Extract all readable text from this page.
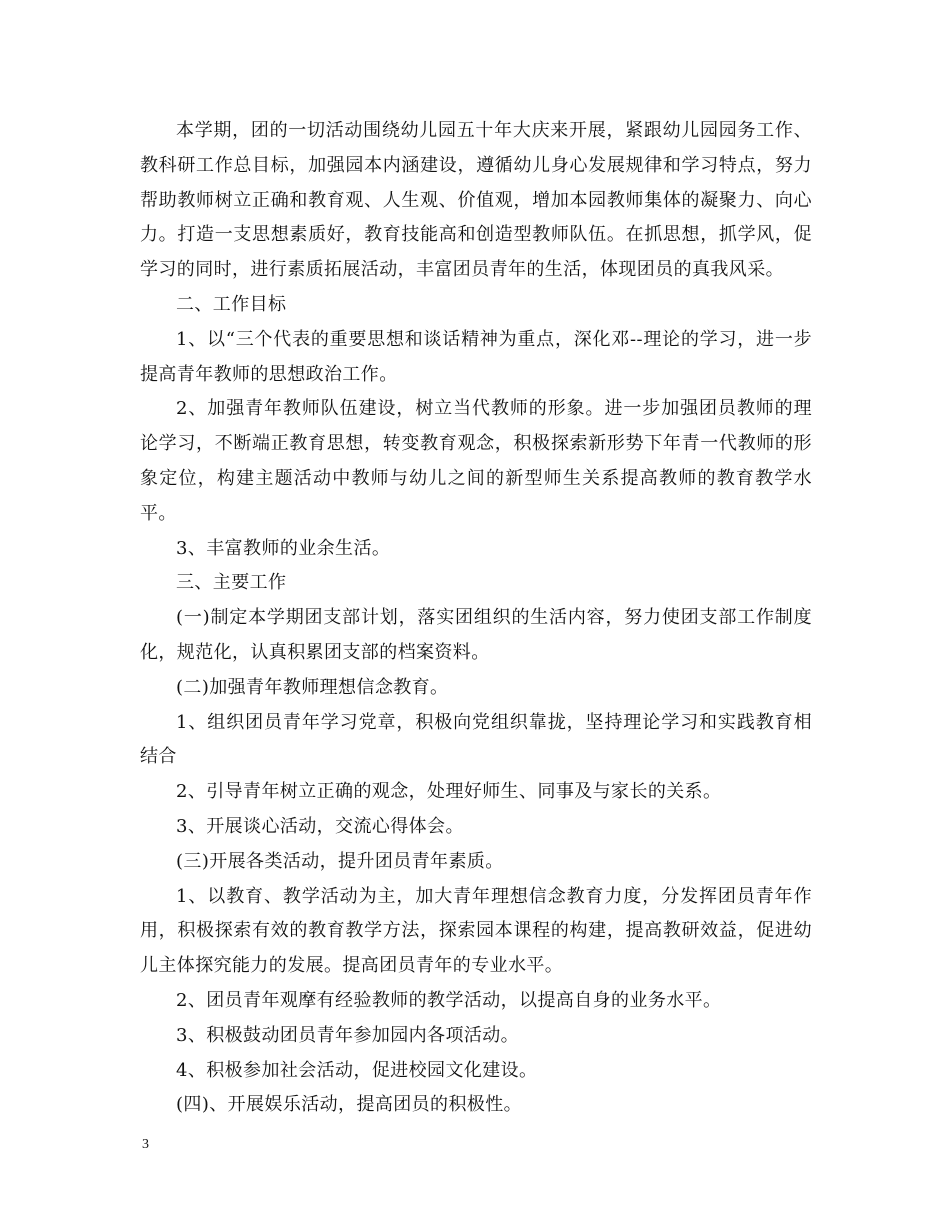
本学期，团的一切活动围绕幼儿园五十年大庆来开展，紧跟幼儿园园务工作、教科研工作总目标，加强园本内涵建设，遵循幼儿身心发展规律和学习特点，努力帮助教师树立正确和教育观、人生观、价值观，增加本园教师集体的凝聚力、向心力。打造一支思想素质好，教育技能高和创造型教师队伍。在抓思想，抓学风，促学习的同时，进行素质拓展活动，丰富团员青年的生活，体现团员的真我风采。

二、工作目标

1、以“三个代表的重要思想和谈话精神为重点，深化邓--理论的学习，进一步提高青年教师的思想政治工作。

2、加强青年教师队伍建设，树立当代教师的形象。进一步加强团员教师的理论学习，不断端正教育思想，转变教育观念，积极探索新形势下年青一代教师的形象定位，构建主题活动中教师与幼儿之间的新型师生关系提高教师的教育教学水平。

3、丰富教师的业余生活。

三、主要工作

(一)制定本学期团支部计划，落实团组织的生活内容，努力使团支部工作制度化，规范化，认真积累团支部的档案资料。

(二)加强青年教师理想信念教育。

1、组织团员青年学习党章，积极向党组织靠拢，坚持理论学习和实践教育相结合

2、引导青年树立正确的观念，处理好师生、同事及与家长的关系。

3、开展谈心活动，交流心得体会。

(三)开展各类活动，提升团员青年素质。

1、以教育、教学活动为主，加大青年理想信念教育力度，分发挥团员青年作用，积极探索有效的教育教学方法，探索园本课程的构建，提高教研效益，促进幼儿主体探究能力的发展。提高团员青年的专业水平。

2、团员青年观摩有经验教师的教学活动，以提高自身的业务水平。

3、积极鼓动团员青年参加园内各项活动。

4、积极参加社会活动，促进校园文化建设。

(四)、开展娱乐活动，提高团员的积极性。

3
